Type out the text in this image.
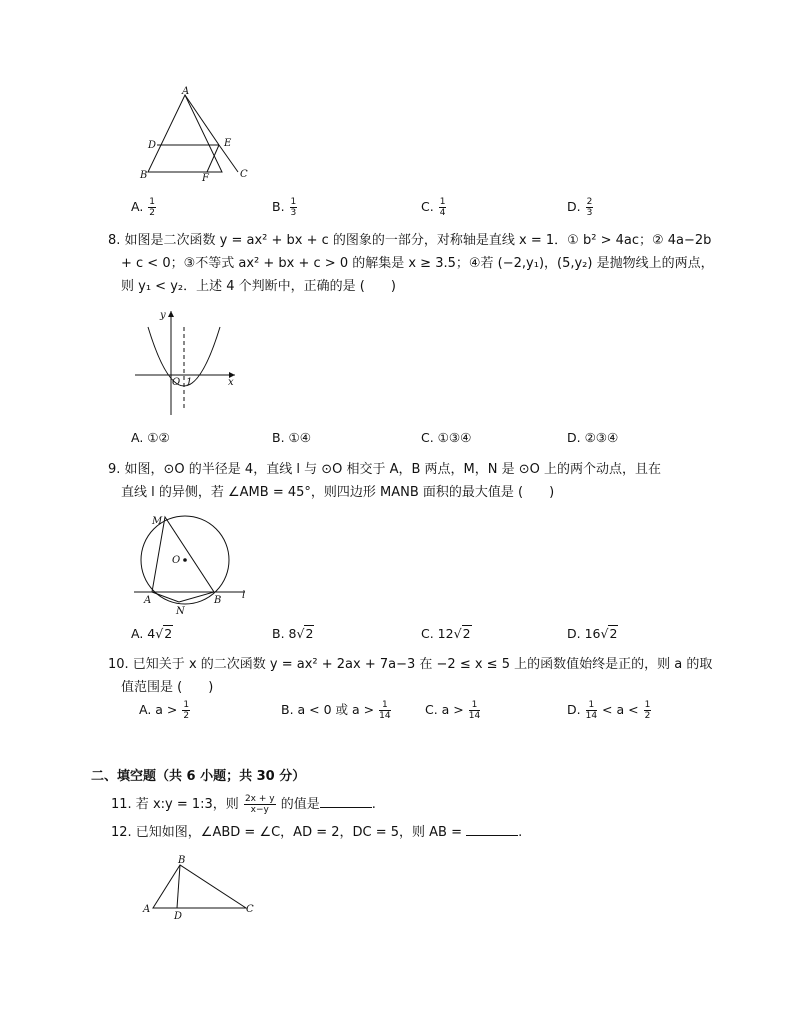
A
D	E
B	F	C
A. $\frac{1}{2}$	B. $\frac{1}{3}$	C. $\frac{1}{4}$	D. $\frac{2}{3}$
8. 如图是二次函数 y = ax² + bx + c 的图象的一部分，对称轴是直线 x = 1．① b² > 4ac；② 4a−2b
+ c < 0；③不等式 ax² + bx + c > 0 的解集是 x ≥ 3.5；④若 (−2,y₁)，(5,y₂) 是抛物线上的两点，
则 y₁ < y₂．上述 4 个判断中，正确的是 (　　)
y
x
O 1
A. ①②	B. ①④	C. ①③④	D. ②③④
9. 如图，⊙O 的半径是 4，直线 l 与 ⊙O 相交于 A，B 两点，M，N 是 ⊙O 上的两个动点，且在
直线 l 的异侧，若 ∠AMB = 45°，则四边形 MANB 面积的最大值是 (　　)
M
O
A
N
B l
A. 4√2	B. 8√2	C. 12√2	D. 16√2
10. 已知关于 x 的二次函数 y = ax² + 2ax + 7a−3 在 −2 ≤ x ≤ 5 上的函数值始终是正的，则 a 的取
值范围是 (　　)
A. $a > \frac{1}{2}$	B. a < 0 或 $a > \frac{1}{14}$	C. $a > \frac{1}{14}$	D. $\frac{1}{14} < a < \frac{1}{2}$
二、填空题（共 6 小题；共 30 分）
11. 若 x:y = 1:3，则 $\frac{2x + y}{x-y}$ 的值是	.
12. 已知如图，∠ABD = ∠C，AD = 2，DC = 5，则 AB =	.
B
A
D
C
